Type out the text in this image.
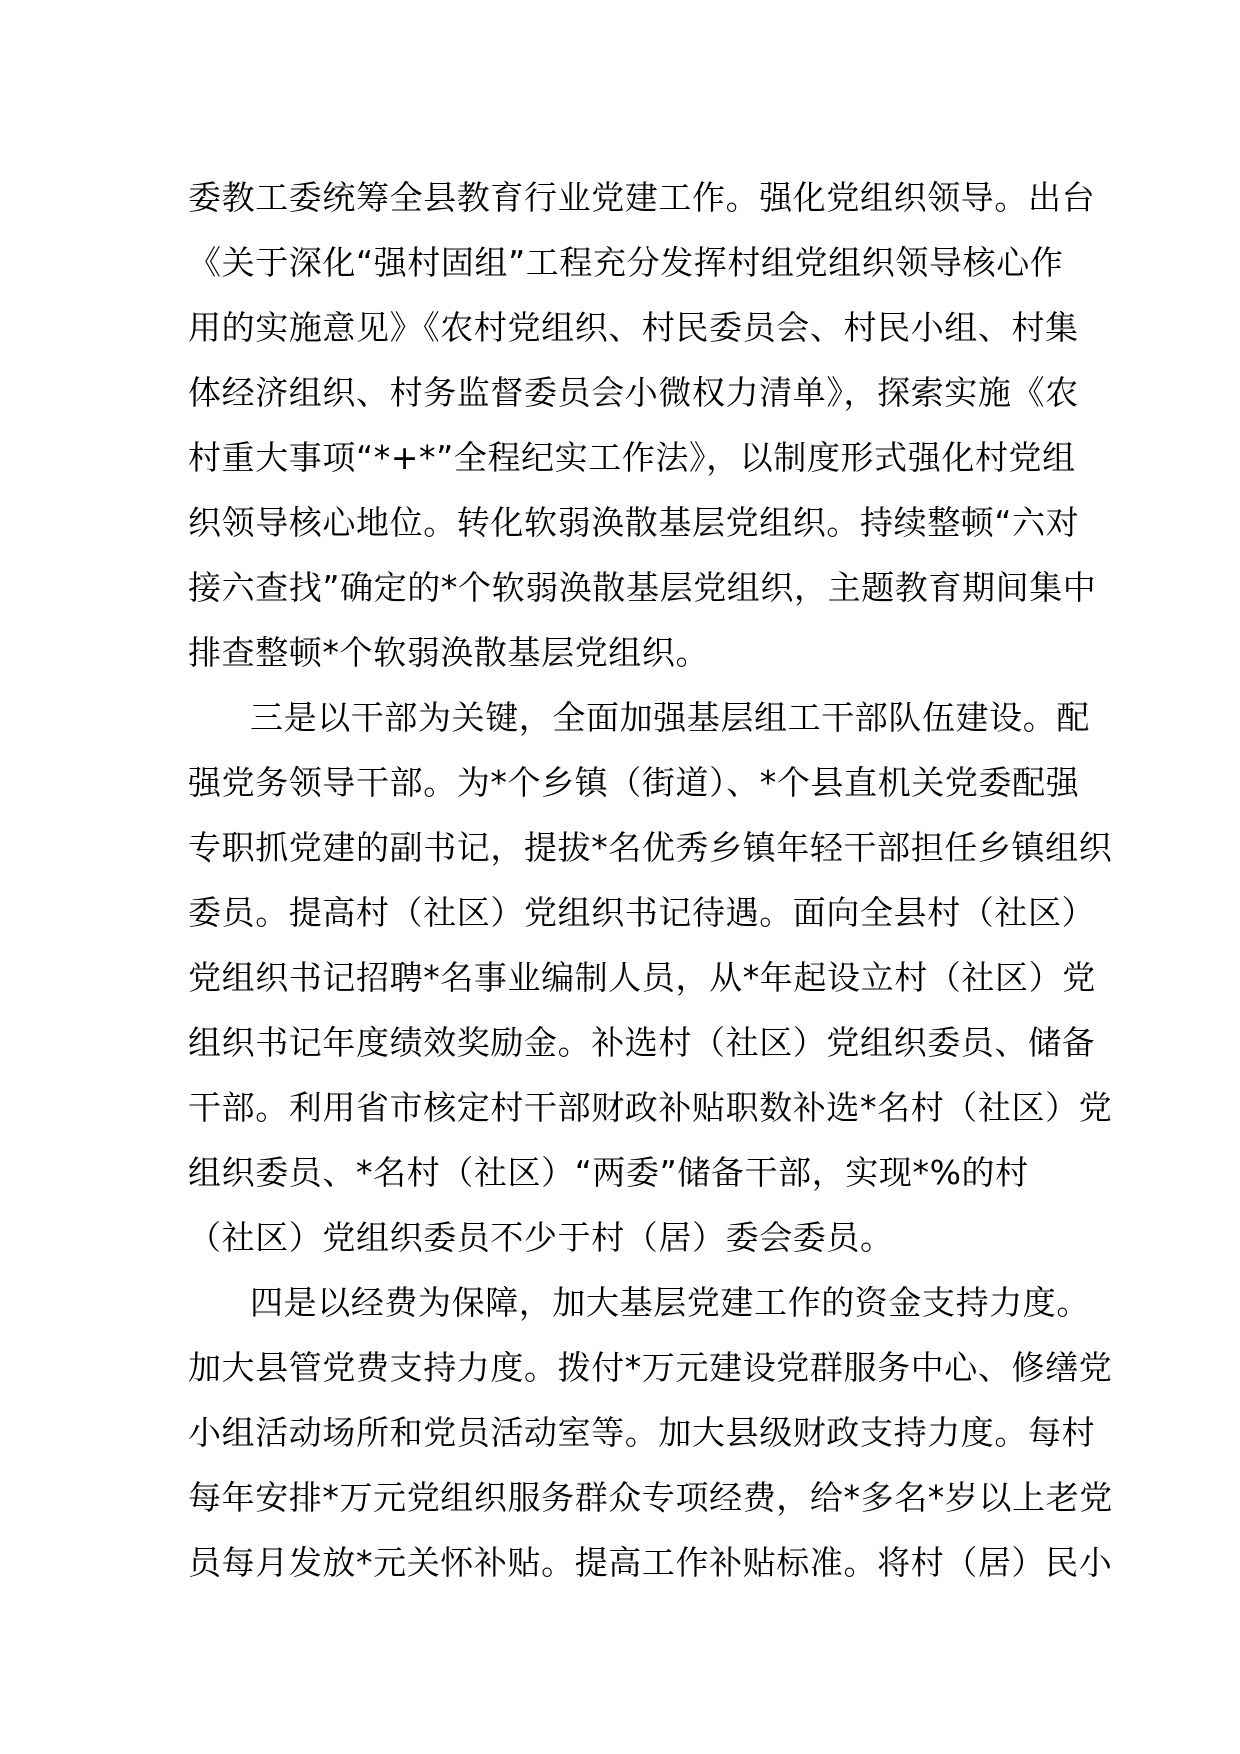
委教工委统筹全县教育行业党建工作。强化党组织领导。出台
《关于深化“强村固组”工程充分发挥村组党组织领导核心作
用的实施意见》《农村党组织、村民委员会、村民小组、村集
体经济组织、村务监督委员会小微权力清单》，探索实施《农
村重大事项“*+*”全程纪实工作法》，以制度形式强化村党组
织领导核心地位。转化软弱涣散基层党组织。持续整顿“六对
接六查找”确定的*个软弱涣散基层党组织，主题教育期间集中
排查整顿*个软弱涣散基层党组织。
三是以干部为关键，全面加强基层组工干部队伍建设。配
强党务领导干部。为*个乡镇（街道）、*个县直机关党委配强
专职抓党建的副书记，提拔*名优秀乡镇年轻干部担任乡镇组织
委员。提高村（社区）党组织书记待遇。面向全县村（社区）
党组织书记招聘*名事业编制人员，从*年起设立村（社区）党
组织书记年度绩效奖励金。补选村（社区）党组织委员、储备
干部。利用省市核定村干部财政补贴职数补选*名村（社区）党
组织委员、*名村（社区）“两委”储备干部，实现*%的村
（社区）党组织委员不少于村（居）委会委员。
四是以经费为保障，加大基层党建工作的资金支持力度。
加大县管党费支持力度。拨付*万元建设党群服务中心、修缮党
小组活动场所和党员活动室等。加大县级财政支持力度。每村
每年安排*万元党组织服务群众专项经费，给*多名*岁以上老党
员每月发放*元关怀补贴。提高工作补贴标准。将村（居）民小
